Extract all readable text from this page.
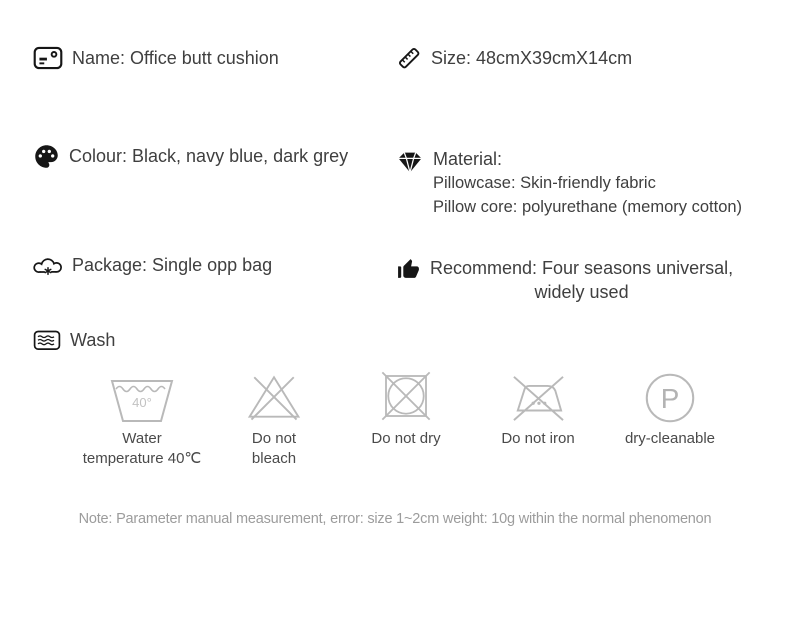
Name: Office butt cushion	Size: 48cmX39cmX14cm
Colour: Black, navy blue, dark grey	Material:
Pillowcase: Skin-friendly fabric
Pillow core: polyurethane (memory cotton)
Package: Single opp bag	Recommend: Four seasons universal,
widely used
Wash
40°
Water
temperature 40℃
Do not
bleach
Do not dry	Do not iron
P
dry-cleanable
Note: Parameter manual measurement, error: size 1~2cm weight: 10g within the normal phenomenon
